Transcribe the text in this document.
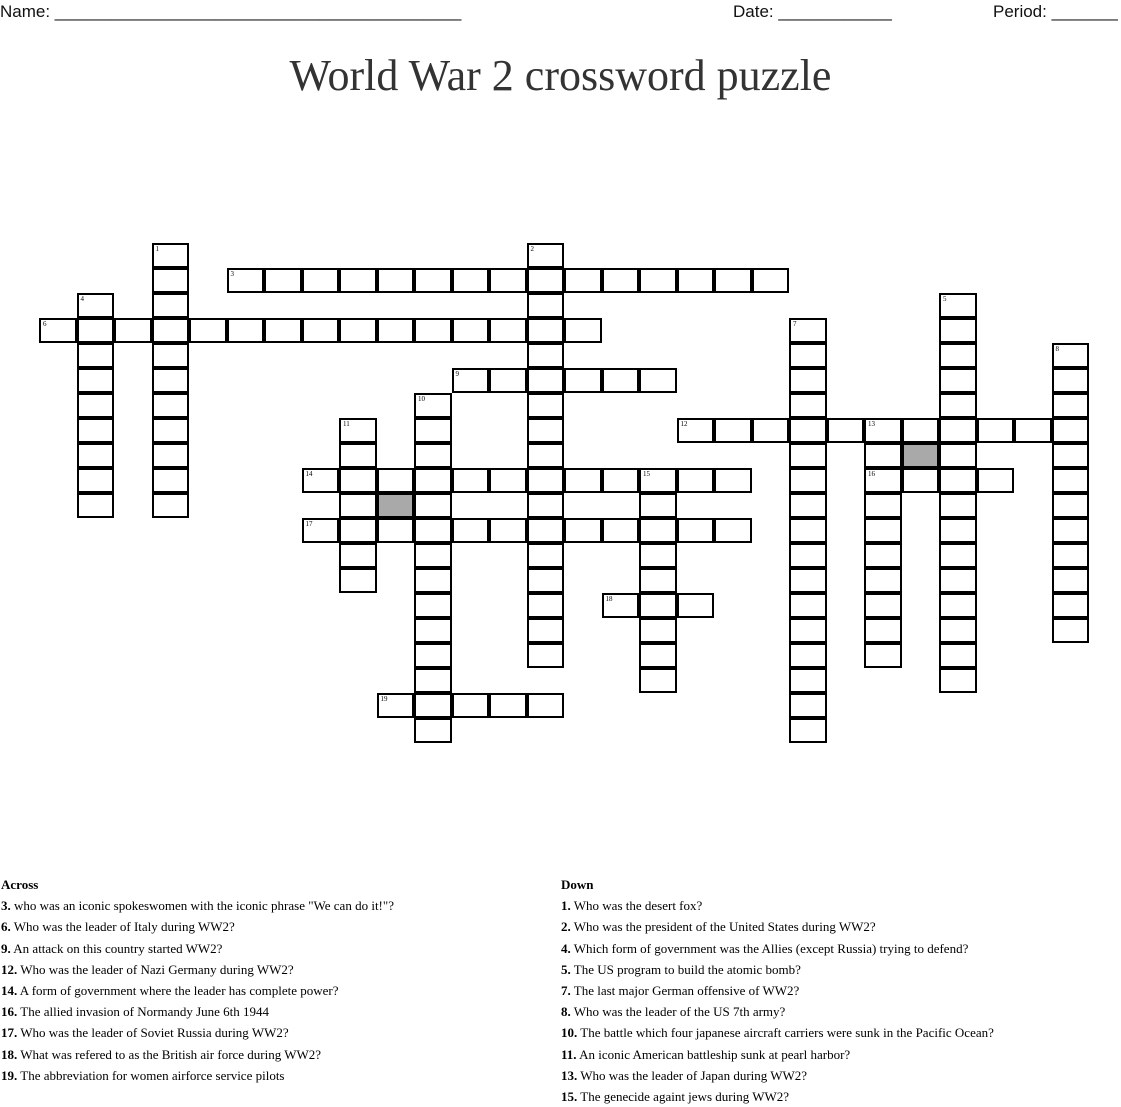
Name: ___________________________________________	Date: ____________	Period: _______
World War 2 crossword puzzle
1	2
3
4	5
6	7
8
9
10
11	12	13
16
14	15
17
18
19
Across
3. who was an iconic spokeswomen with the iconic phrase "We can do it!"?
6. Who was the leader of Italy during WW2?
9. An attack on this country started WW2?
12. Who was the leader of Nazi Germany during WW2?
14. A form of government where the leader has complete power?
16. The allied invasion of Normandy June 6th 1944
17. Who was the leader of Soviet Russia during WW2?
18. What was refered to as the British air force during WW2?
19. The abbreviation for women airforce service pilots
Down
1. Who was the desert fox?
2. Who was the president of the United States during WW2?
4. Which form of government was the Allies (except Russia) trying to defend?
5. The US program to build the atomic bomb?
7. The last major German offensive of WW2?
8. Who was the leader of the US 7th army?
10. The battle which four japanese aircraft carriers were sunk in the Pacific Ocean?
11. An iconic American battleship sunk at pearl harbor?
13. Who was the leader of Japan during WW2?
15. The genecide againt jews during WW2?
